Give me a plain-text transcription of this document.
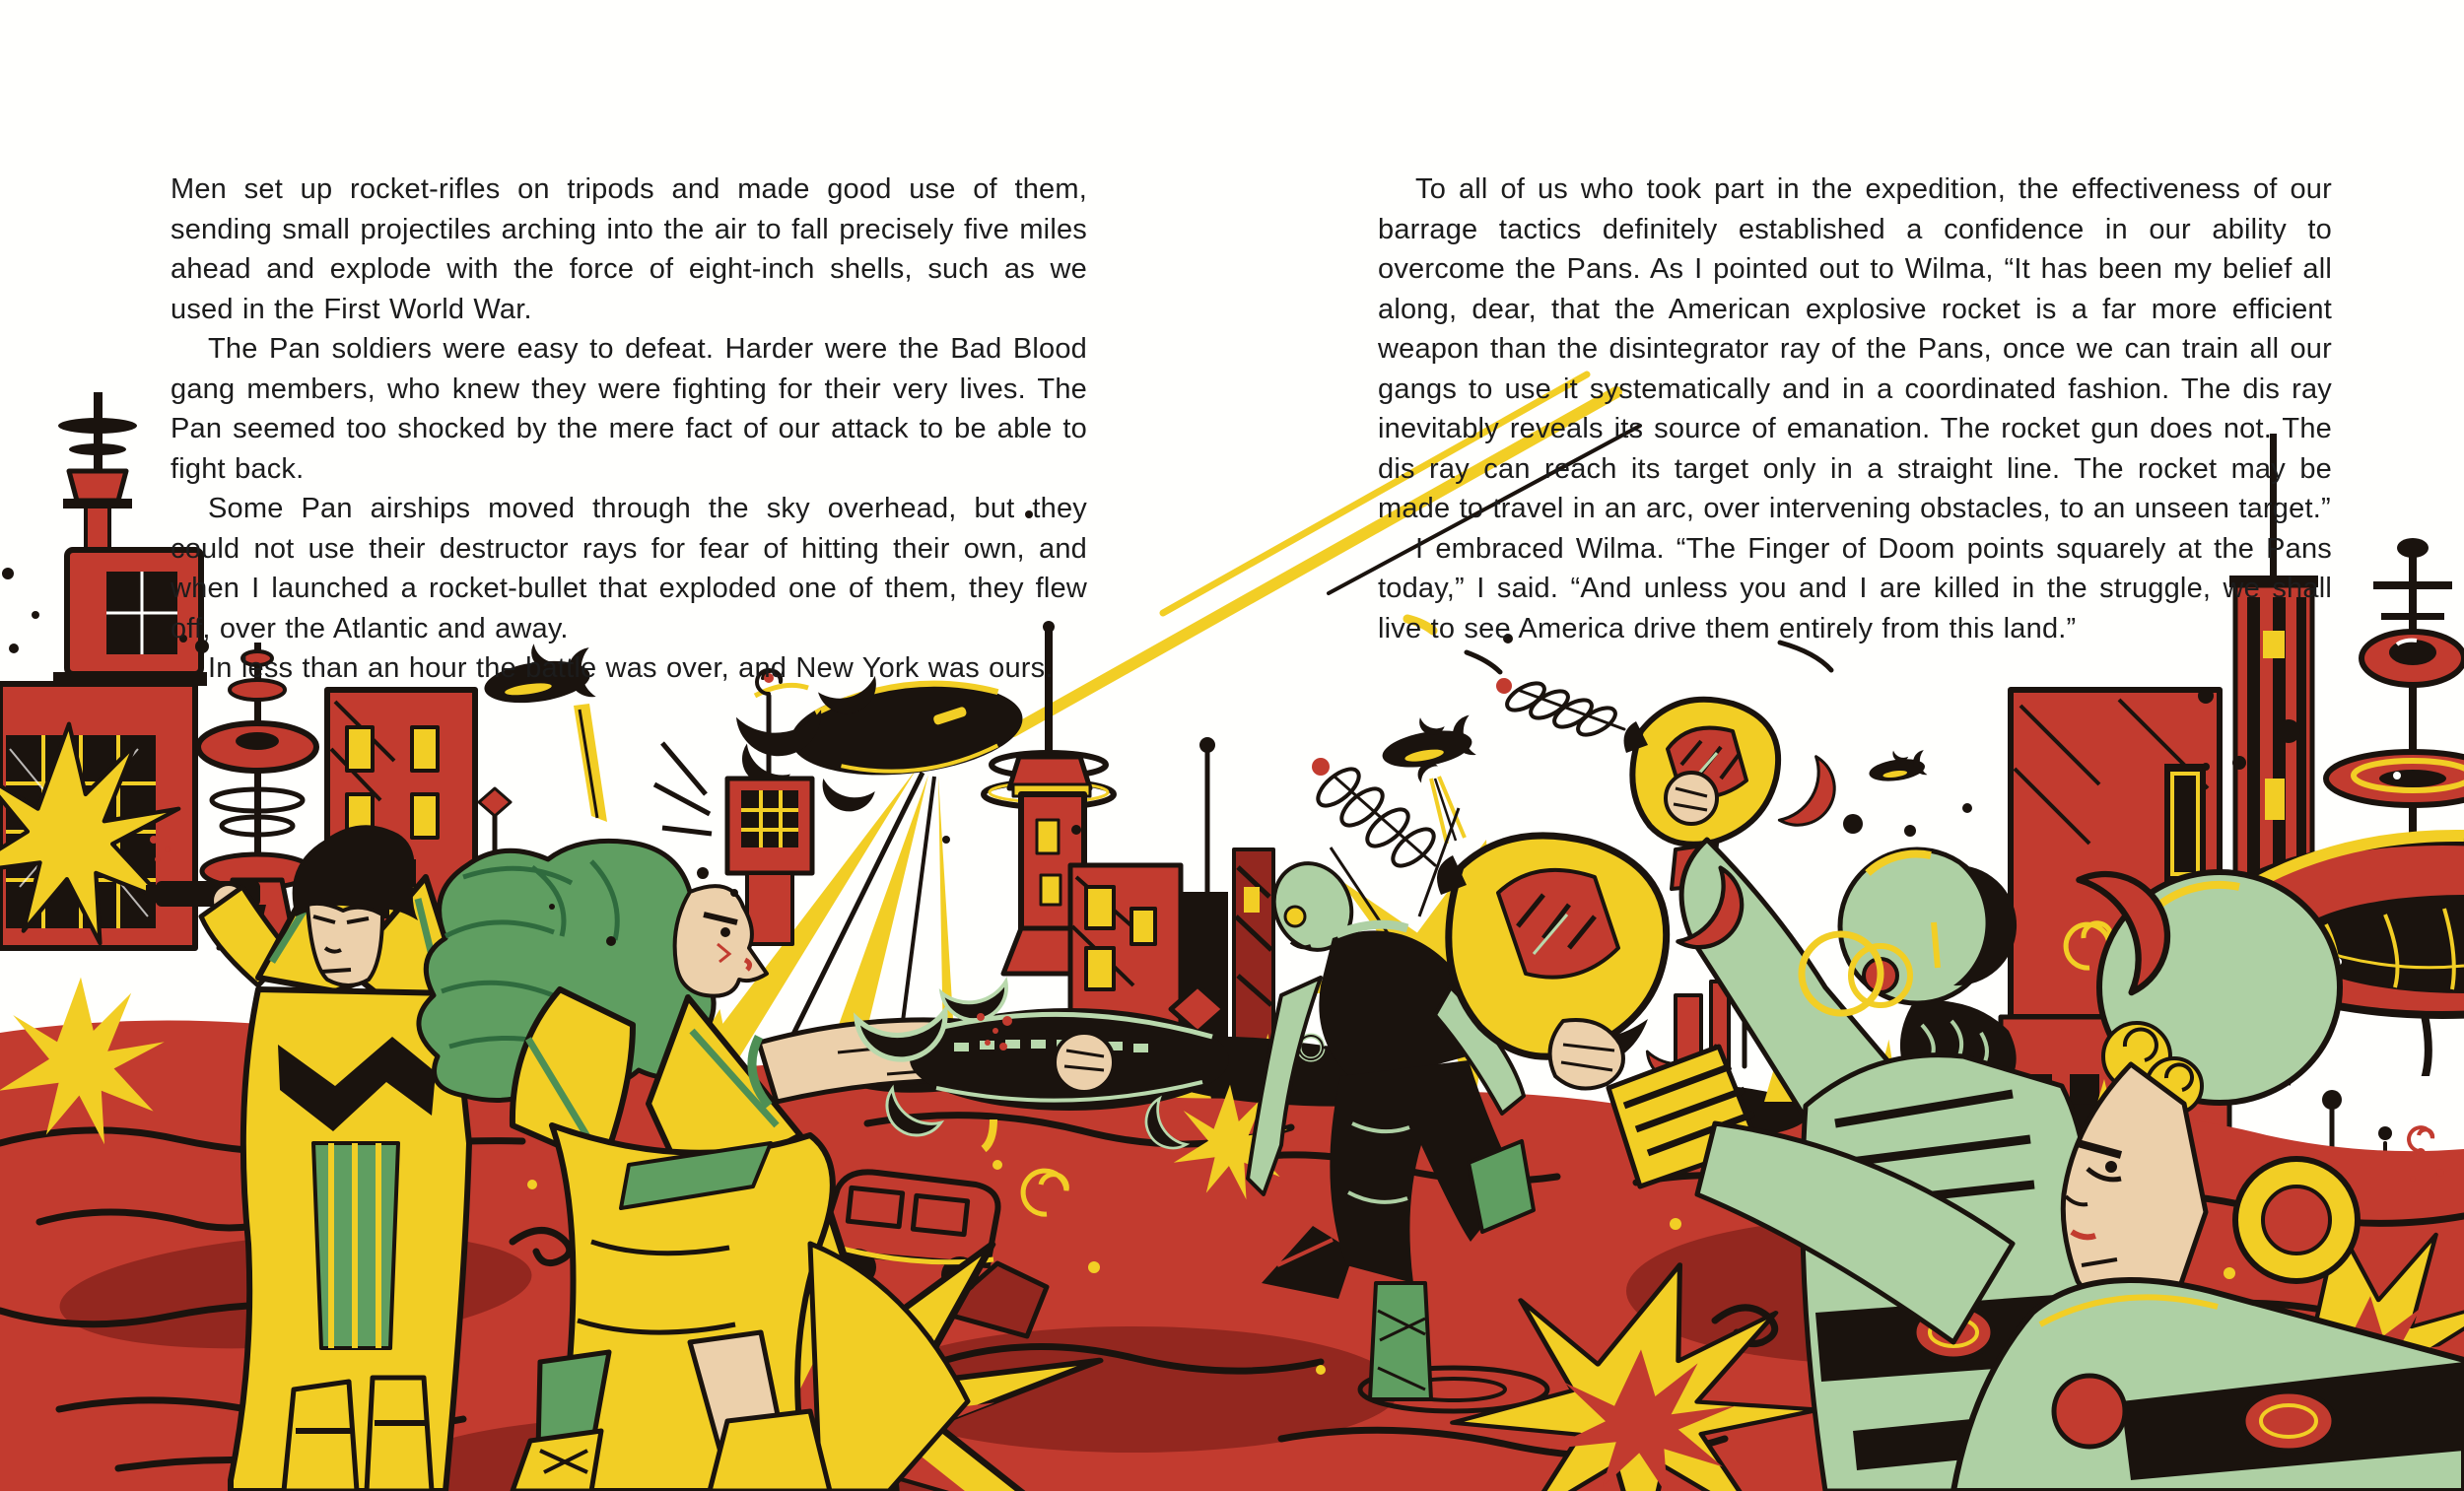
Men set up rocket-rifles on tripods and made good use of them, sending small projectiles arching into the air to fall precisely five miles ahead and explode with the force of eight-inch shells, such as we used in the First World War.

The Pan soldiers were easy to defeat. Harder were the Bad Blood gang members, who knew they were fighting for their very lives. The Pan seemed too shocked by the mere fact of our attack to be able to fight back.

Some Pan airships moved through the sky overhead, but they could not use their destructor rays for fear of hitting their own, and when I launched a rocket-bullet that exploded one of them, they flew off, over the Atlantic and away.

In less than an hour the battle was over, and New York was ours.

To all of us who took part in the expedition, the effectiveness of our barrage tactics definitely established a confidence in our ability to overcome the Pans. As I pointed out to Wilma, “It has been my belief all along, dear, that the American explosive rocket is a far more efficient weapon than the disintegrator ray of the Pans, once we can train all our gangs to use it systematically and in a coordinated fashion. The dis ray inevitably reveals its source of emanation. The rocket gun does not. The dis ray can reach its target only in a straight line. The rocket may be made to travel in an arc, over intervening obstacles, to an unseen target.”

I embraced Wilma. “The Finger of Doom points squarely at the Pans today,” I said. “And unless you and I are killed in the struggle, we shall live to see America drive them entirely from this land.”
